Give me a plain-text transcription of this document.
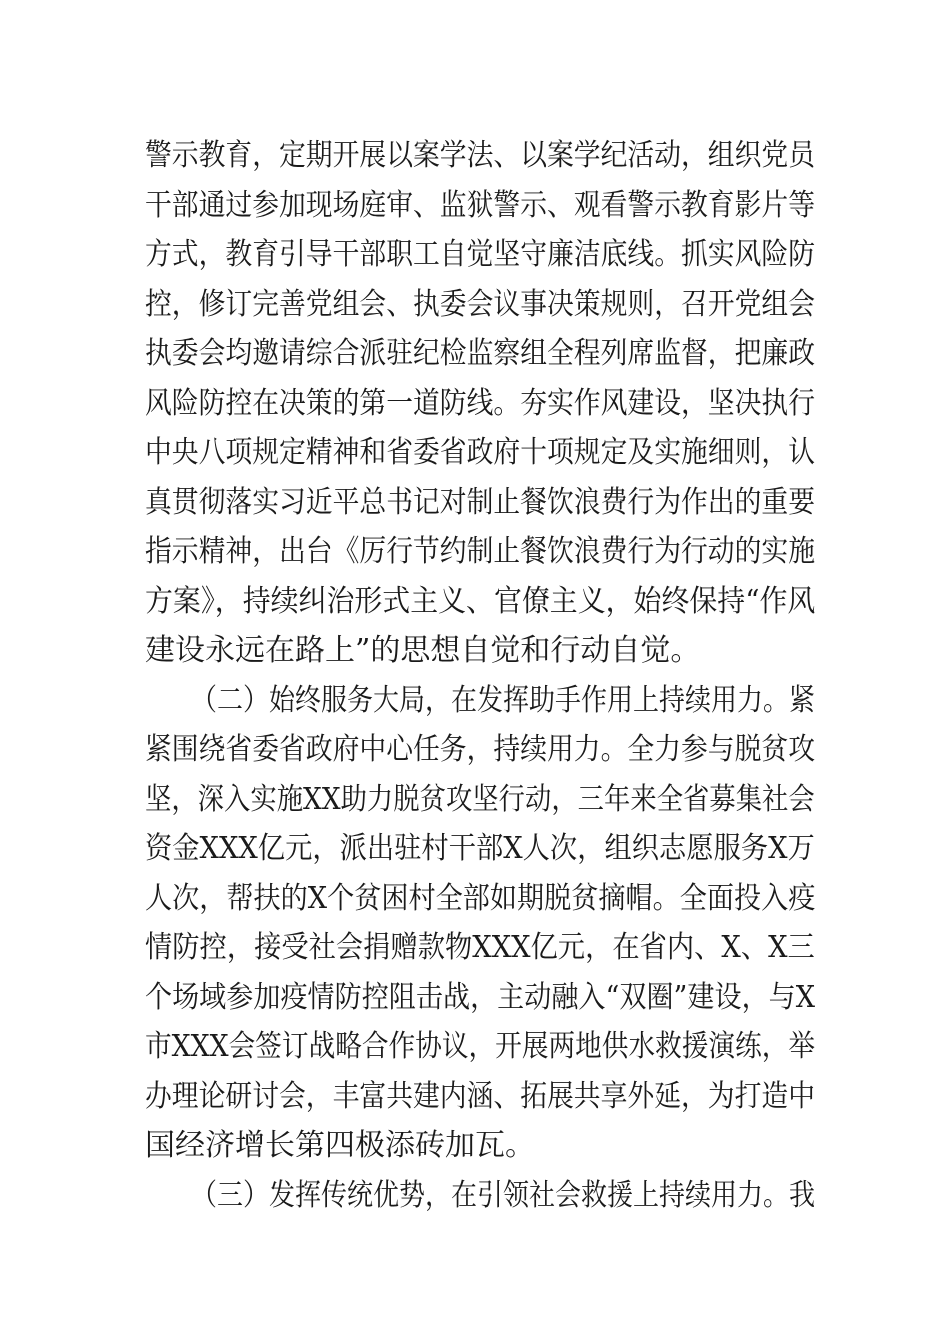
警示教育，定期开展以案学法、以案学纪活动，组织党员
干部通过参加现场庭审、监狱警示、观看警示教育影片等
方式，教育引导干部职工自觉坚守廉洁底线。抓实风险防
控，修订完善党组会、执委会议事决策规则，召开党组会
执委会均邀请综合派驻纪检监察组全程列席监督，把廉政
风险防控在决策的第一道防线。夯实作风建设，坚决执行
中央八项规定精神和省委省政府十项规定及实施细则，认
真贯彻落实习近平总书记对制止餐饮浪费行为作出的重要
指示精神，出台《厉行节约制止餐饮浪费行为行动的实施
方案》，持续纠治形式主义、官僚主义，始终保持“作风
建设永远在路上”的思想自觉和行动自觉。
（二）始终服务大局，在发挥助手作用上持续用力。紧
紧围绕省委省政府中心任务，持续用力。全力参与脱贫攻
坚，深入实施XX助力脱贫攻坚行动，三年来全省募集社会
资金XXX亿元，派出驻村干部X人次，组织志愿服务X万
人次，帮扶的X个贫困村全部如期脱贫摘帽。全面投入疫
情防控，接受社会捐赠款物XXX亿元，在省内、X、X三
个场域参加疫情防控阻击战，主动融入“双圈”建设，与X
市XXX会签订战略合作协议，开展两地供水救援演练，举
办理论研讨会，丰富共建内涵、拓展共享外延，为打造中
国经济增长第四极添砖加瓦。
（三）发挥传统优势，在引领社会救援上持续用力。我
